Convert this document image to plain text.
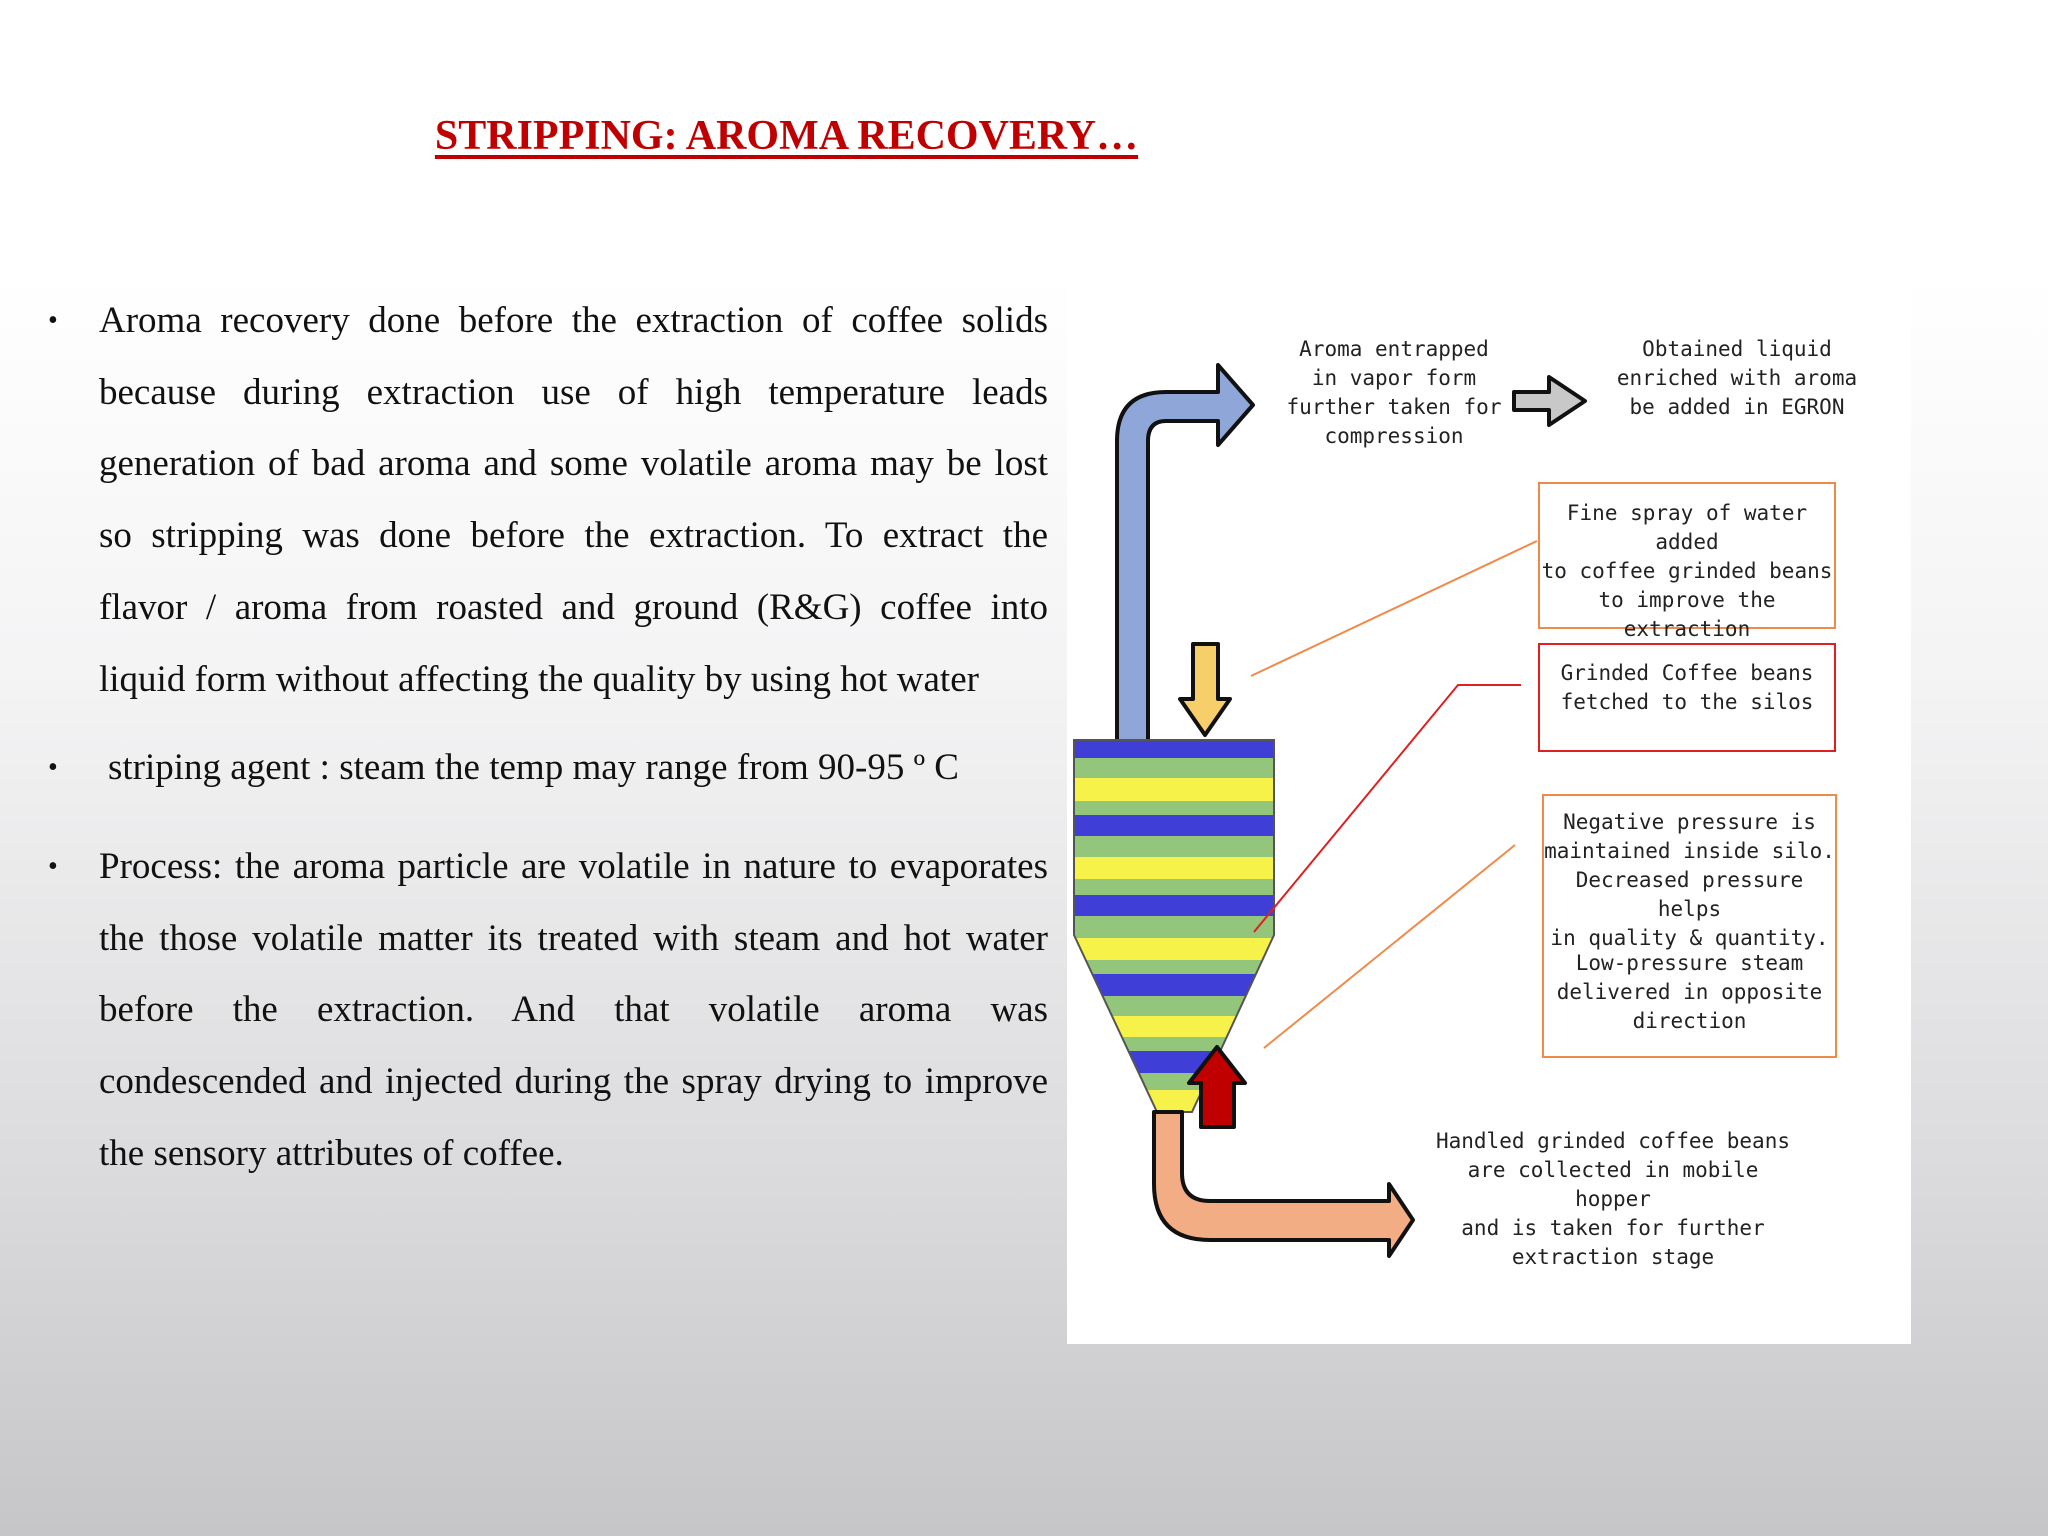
STRIPPING: AROMA RECOVERY…
• Aroma recovery done before the extraction of coffee solids because during extraction use of high temperature leads generation of bad aroma and some volatile aroma may be lost so stripping was done before the extraction. To extract the flavor / aroma from roasted and ground (R&G) coffee into liquid form without affecting the quality by using hot water
• striping agent : steam the temp may range from 90-95 º C
• Process: the aroma particle are volatile in nature to evaporates the those volatile matter its treated with steam and hot water before the extraction. And that volatile aroma was condescended and injected during the spray drying to improve the sensory attributes of coffee.
Aroma entrapped
in vapor form
further taken for
compression
Obtained liquid
enriched with aroma
be added in EGRON
Fine spray of water added
to coffee grinded beans
to improve the extraction
Grinded Coffee beans
fetched to the silos
Negative pressure is
maintained inside silo.
Decreased pressure helps
in quality & quantity.
Low-pressure steam
delivered in opposite
direction
Handled grinded coffee beans
are collected in mobile hopper
and is taken for further
extraction stage
